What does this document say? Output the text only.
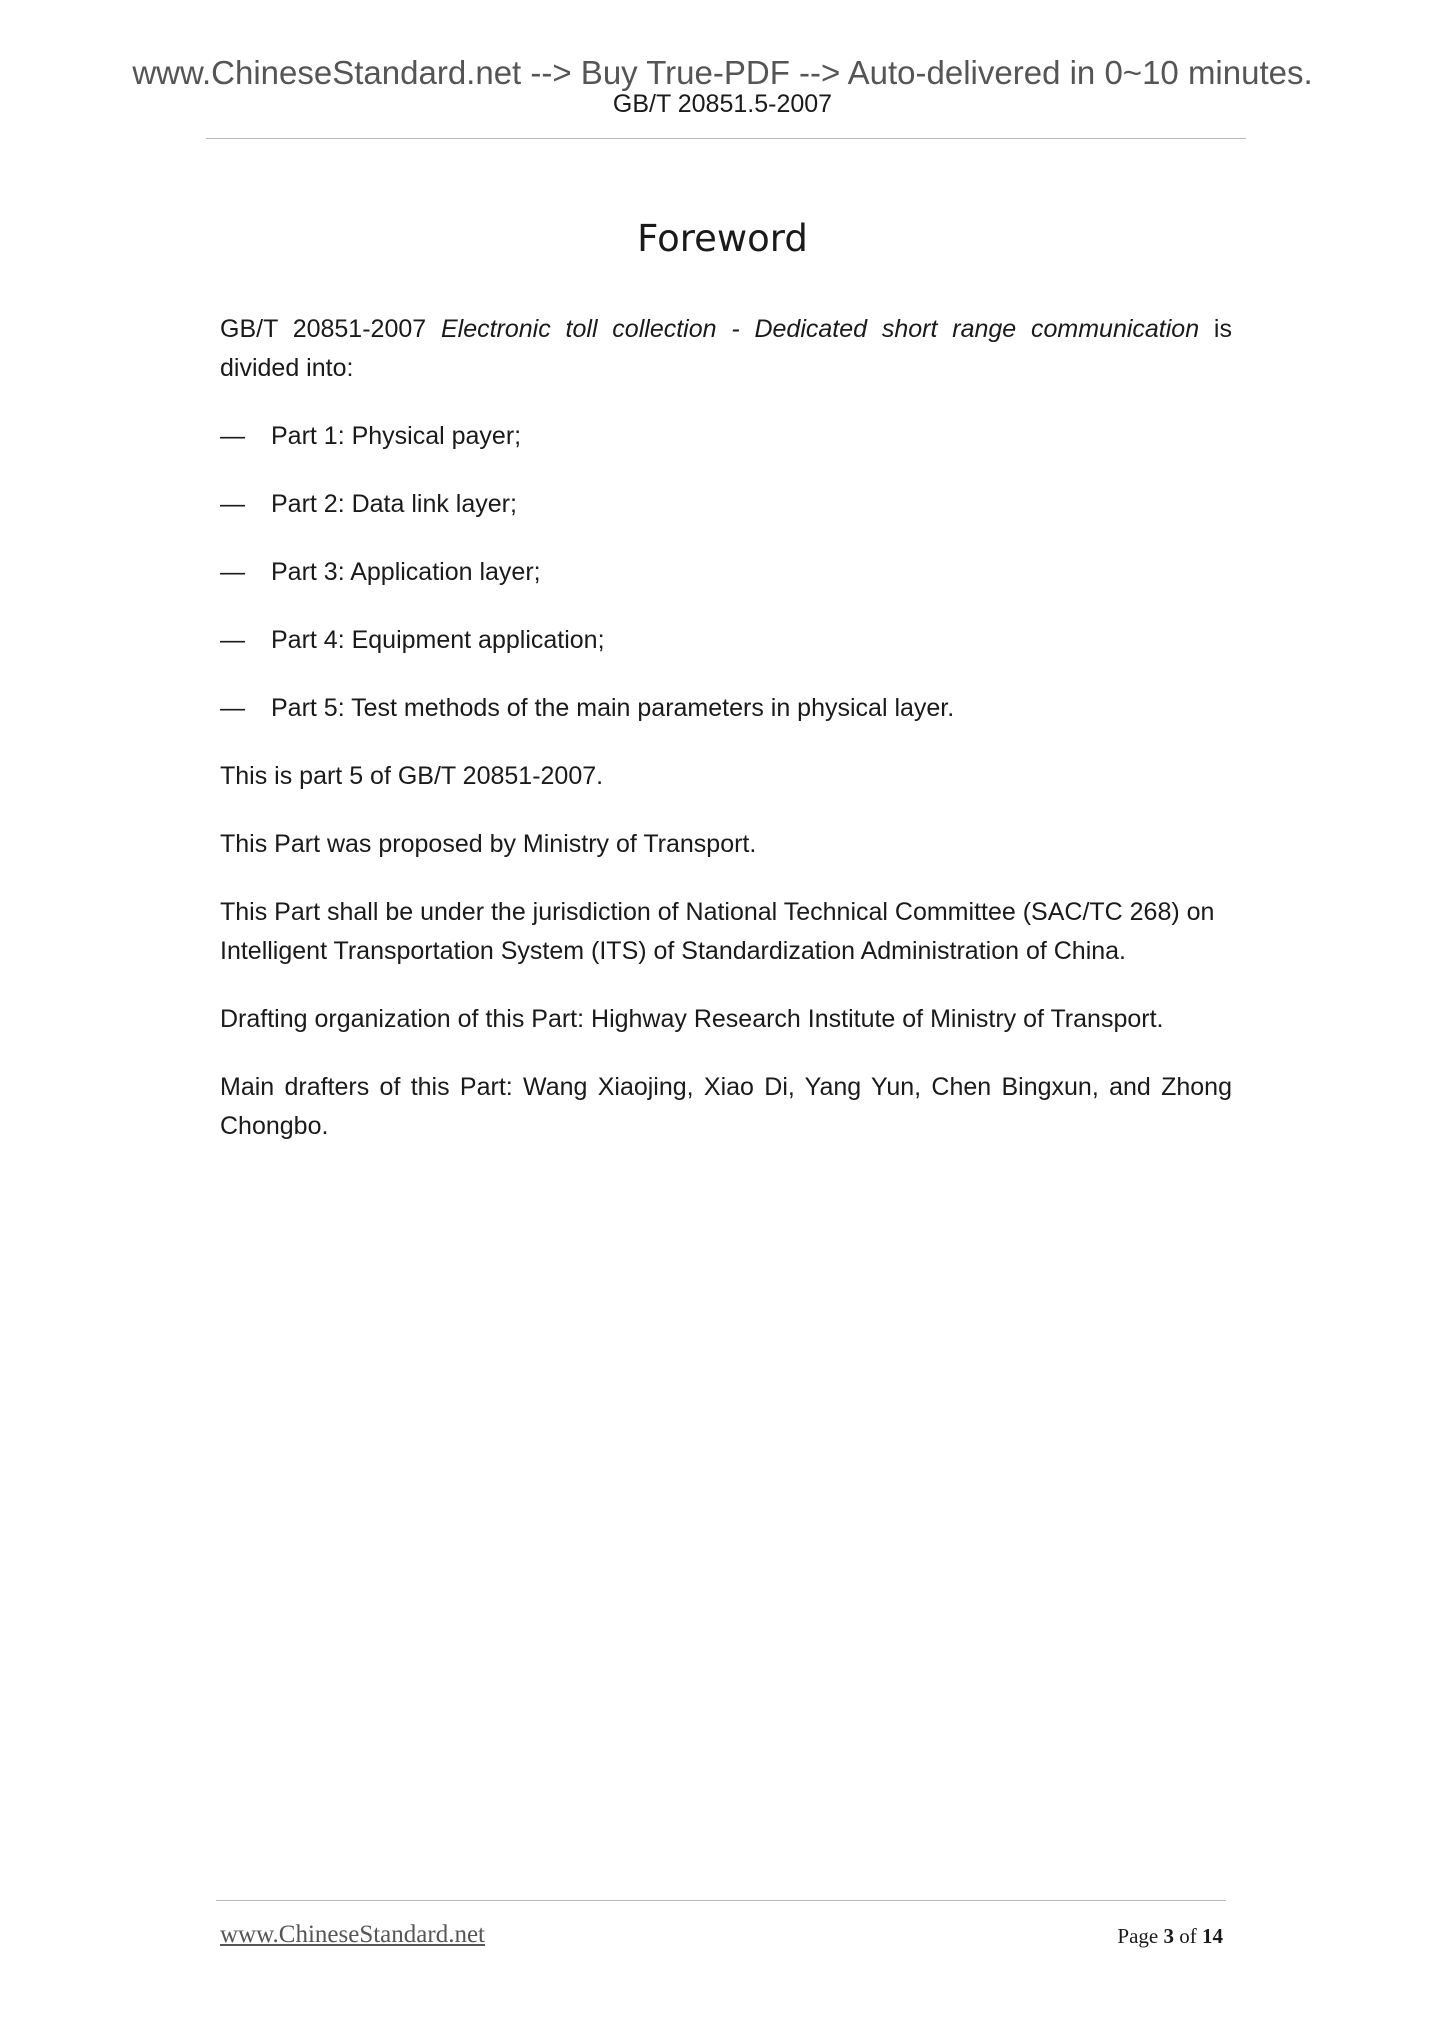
www.ChineseStandard.net --> Buy True-PDF --> Auto-delivered in 0~10 minutes.
GB/T 20851.5-2007
Foreword

GB/T 20851-2007 Electronic toll collection - Dedicated short range communication is divided into:

—	Part 1: Physical payer;
—	Part 2: Data link layer;
—	Part 3: Application layer;
—	Part 4: Equipment application;
—	Part 5: Test methods of the main parameters in physical layer.

This is part 5 of GB/T 20851-2007.

This Part was proposed by Ministry of Transport.

This Part shall be under the jurisdiction of National Technical Committee (SAC/TC 268) on Intelligent Transportation System (ITS) of Standardization Administration of China.

Drafting organization of this Part: Highway Research Institute of Ministry of Transport.

Main drafters of this Part: Wang Xiaojing, Xiao Di, Yang Yun, Chen Bingxun, and Zhong Chongbo.

www.ChineseStandard.net	Page 3 of 14
